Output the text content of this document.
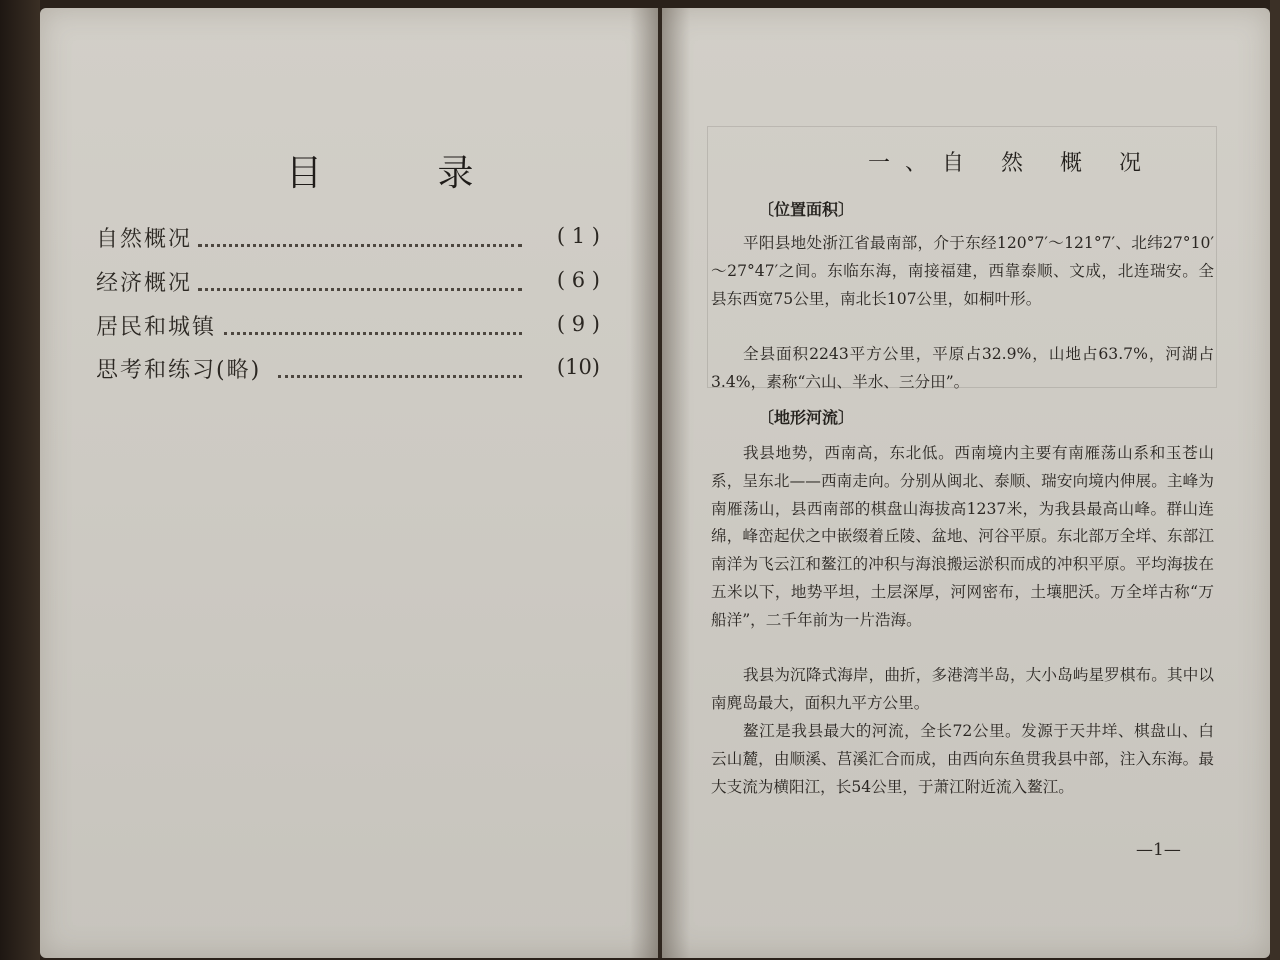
目 录
自然概况	( 1 )
经济概况	( 6 )
居民和城镇	( 9 )
思考和练习(略)	(10)
一、自 然 概 况
〔位置面积〕
平阳县地处浙江省最南部，介于东经120°7′～121°7′、北纬27°10′～27°47′之间。东临东海，南接福建，西靠泰顺、文成，北连瑞安。全县东西宽75公里，南北长107公里，如桐叶形。
全县面积2243平方公里，平原占32.9%，山地占63.7%，河湖占3.4%，素称“六山、半水、三分田”。
〔地形河流〕
我县地势，西南高，东北低。西南境内主要有南雁荡山系和玉苍山系，呈东北——西南走向。分别从闽北、泰顺、瑞安向境内伸展。主峰为南雁荡山，县西南部的棋盘山海拔高1237米，为我县最高山峰。群山连绵，峰峦起伏之中嵌缀着丘陵、盆地、河谷平原。东北部万全垟、东部江南洋为飞云江和鳌江的冲积与海浪搬运淤积而成的冲积平原。平均海拔在五米以下，地势平坦，土层深厚，河网密布，土壤肥沃。万全垟古称“万船洋”，二千年前为一片浩海。
我县为沉降式海岸，曲折，多港湾半岛，大小岛屿星罗棋布。其中以南麂岛最大，面积九平方公里。
鳌江是我县最大的河流，全长72公里。发源于天井垟、棋盘山、白云山麓，由顺溪、莒溪汇合而成，由西向东鱼贯我县中部，注入东海。最大支流为横阳江，长54公里，于萧江附近流入鳌江。
—1—
